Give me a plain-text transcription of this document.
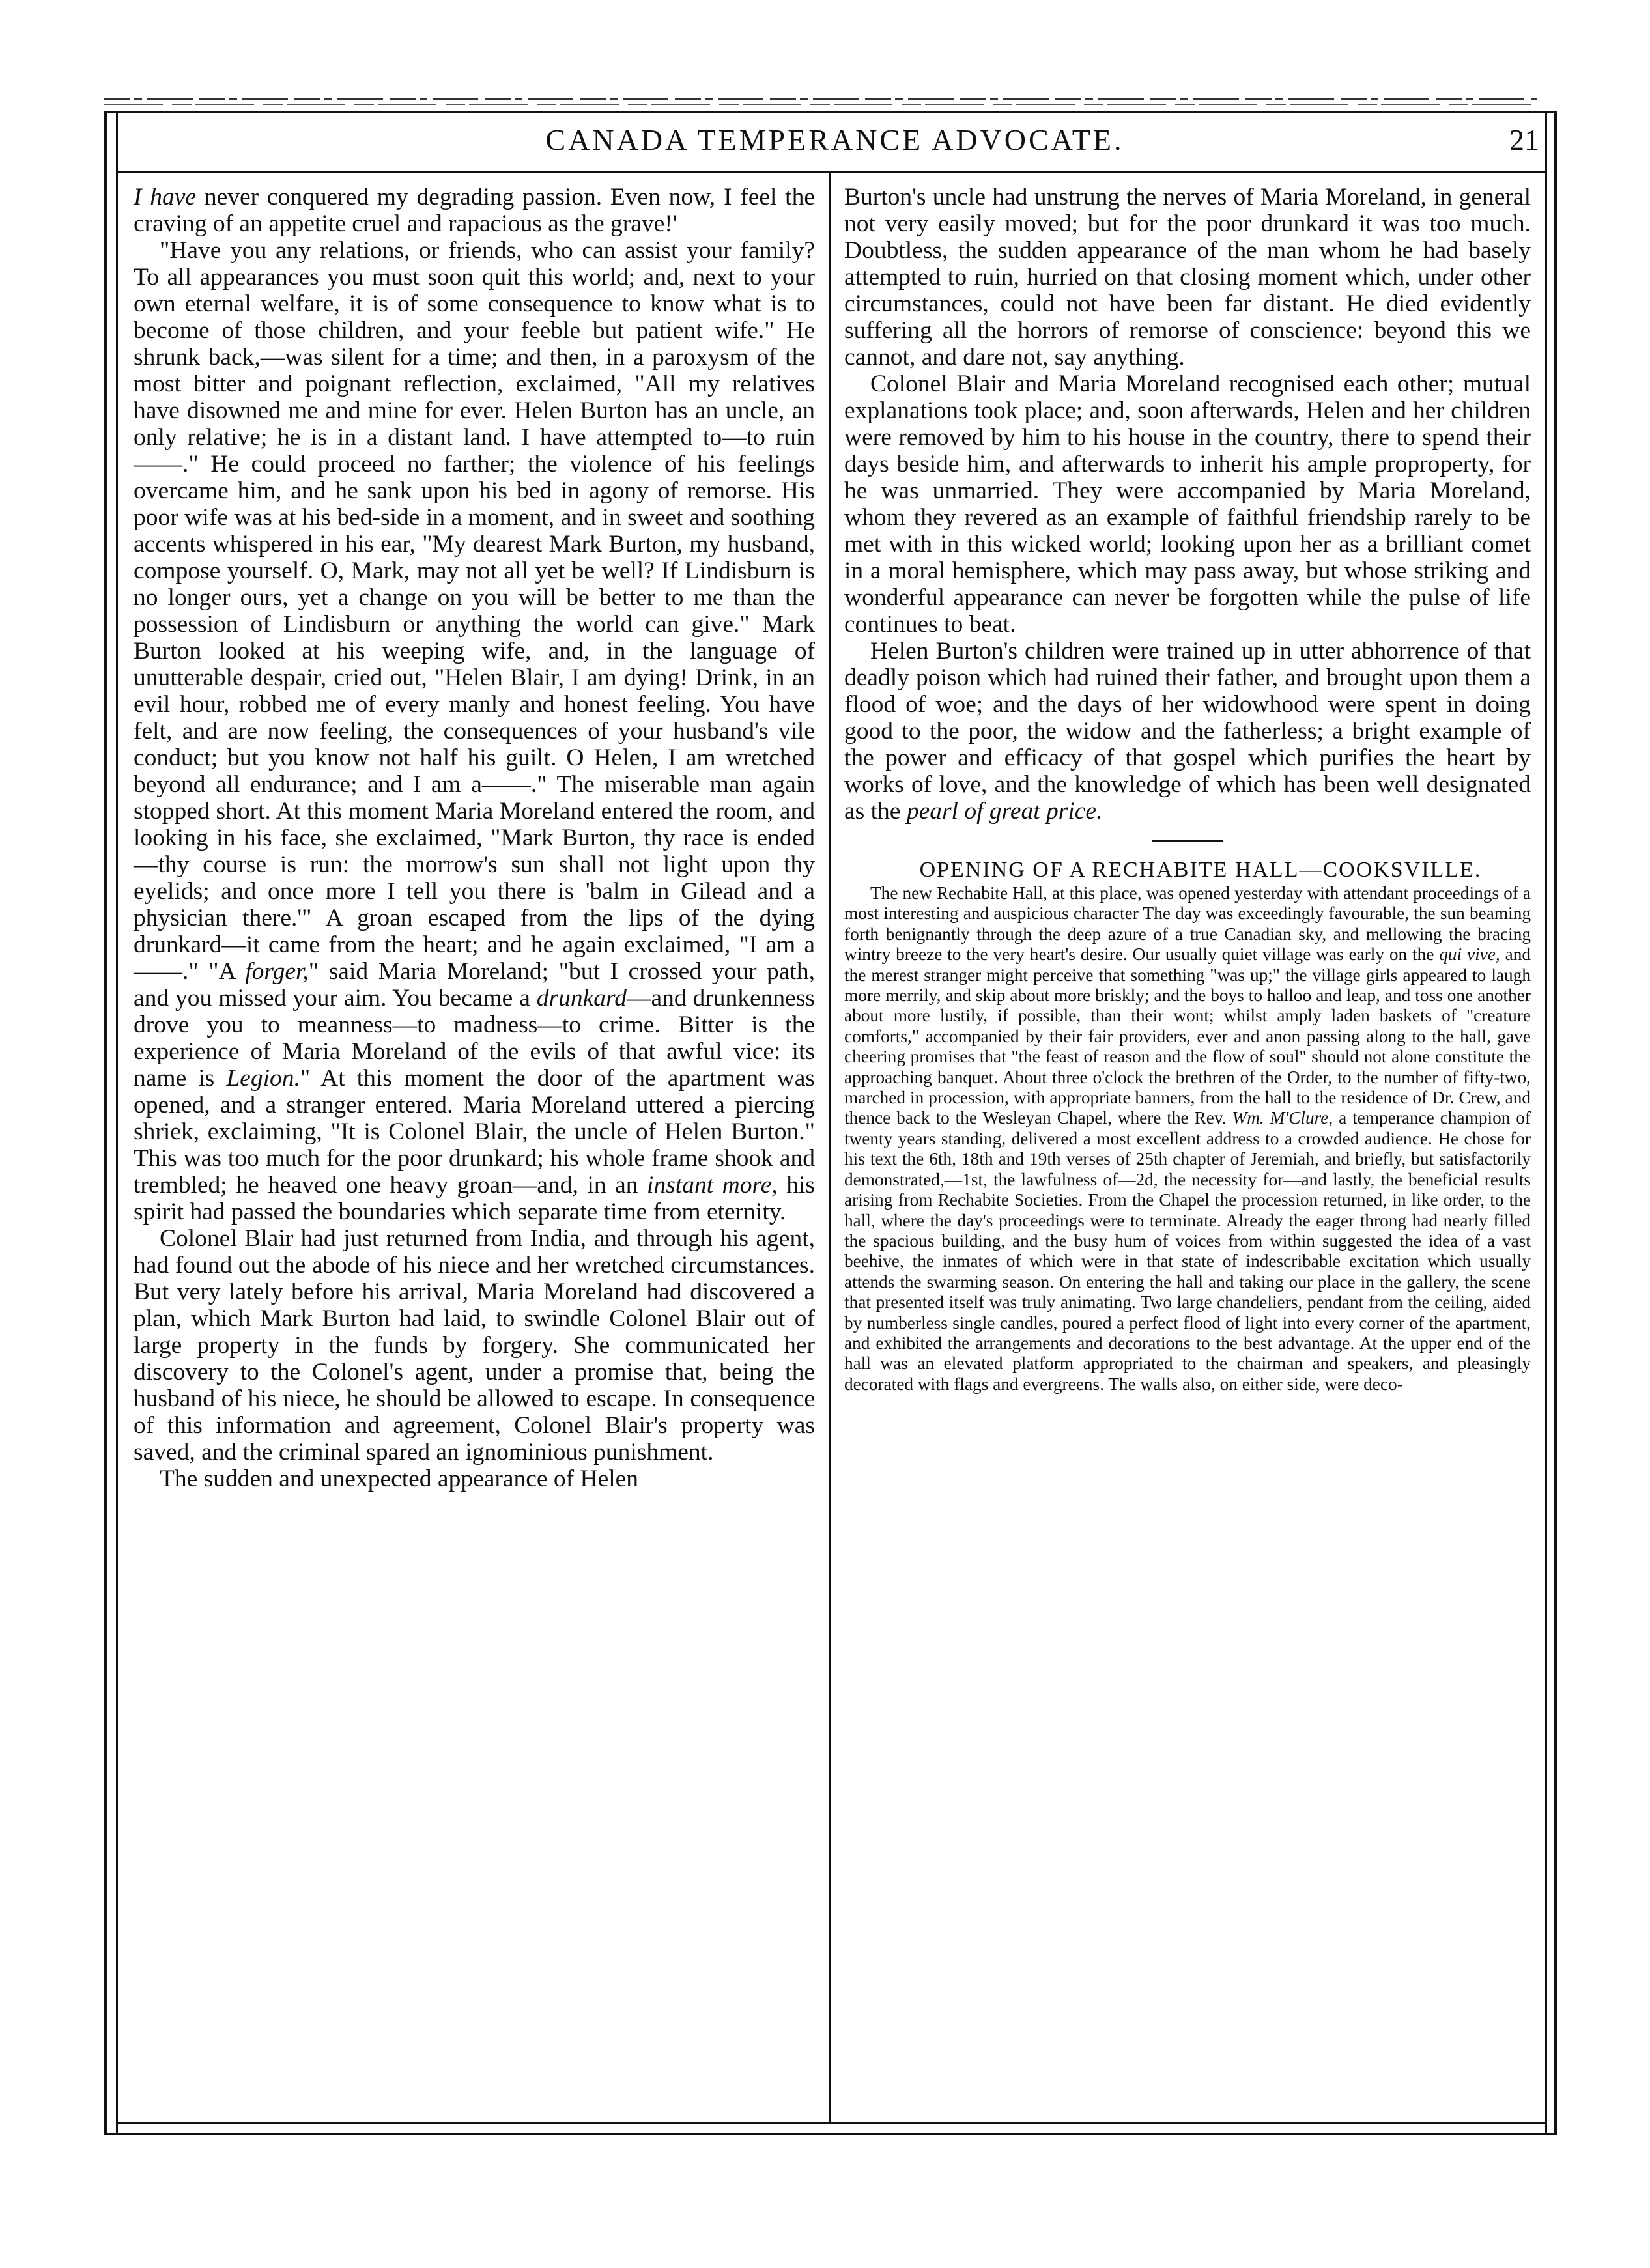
CANADA TEMPERANCE ADVOCATE.	21

I have never conquered my degrading passion. Even now, I feel the craving of an appetite cruel and rapacious as the grave!'

"Have you any relations, or friends, who can assist your family? To all appearances you must soon quit this world; and, next to your own eternal welfare, it is of some consequence to know what is to become of those children, and your feeble but patient wife." He shrunk back,—was silent for a time; and then, in a paroxysm of the most bitter and poignant reflection, exclaimed, "All my relatives have disowned me and mine for ever. Helen Burton has an uncle, an only relative; he is in a distant land. I have attempted to—to ruin ——." He could proceed no farther; the violence of his feelings overcame him, and he sank upon his bed in agony of remorse. His poor wife was at his bed-side in a moment, and in sweet and soothing accents whispered in his ear, "My dearest Mark Burton, my husband, compose yourself. O, Mark, may not all yet be well? If Lindisburn is no longer ours, yet a change on you will be better to me than the possession of Lindisburn or anything the world can give." Mark Burton looked at his weeping wife, and, in the language of unutterable despair, cried out, "Helen Blair, I am dying! Drink, in an evil hour, robbed me of every manly and honest feeling. You have felt, and are now feeling, the consequences of your husband's vile conduct; but you know not half his guilt. O Helen, I am wretched beyond all endurance; and I am a——." The miserable man again stopped short. At this moment Maria Moreland entered the room, and looking in his face, she exclaimed, "Mark Burton, thy race is ended—thy course is run: the morrow's sun shall not light upon thy eyelids; and once more I tell you there is 'balm in Gilead and a physician there.'" A groan escaped from the lips of the dying drunkard—it came from the heart; and he again exclaimed, "I am a ——." "A forger," said Maria Moreland; "but I crossed your path, and you missed your aim. You became a drunkard—and drunkenness drove you to meanness—to madness—to crime. Bitter is the experience of Maria Moreland of the evils of that awful vice: its name is Legion." At this moment the door of the apartment was opened, and a stranger entered. Maria Moreland uttered a piercing shriek, exclaiming, "It is Colonel Blair, the uncle of Helen Burton." This was too much for the poor drunkard; his whole frame shook and trembled; he heaved one heavy groan—and, in an instant more, his spirit had passed the boundaries which separate time from eternity.

Colonel Blair had just returned from India, and through his agent, had found out the abode of his niece and her wretched circumstances. But very lately before his arrival, Maria Moreland had discovered a plan, which Mark Burton had laid, to swindle Colonel Blair out of large property in the funds by forgery. She communicated her discovery to the Colonel's agent, under a promise that, being the husband of his niece, he should be allowed to escape. In consequence of this information and agreement, Colonel Blair's property was saved, and the criminal spared an ignominious punishment.

The sudden and unexpected appearance of Helen

Burton's uncle had unstrung the nerves of Maria Moreland, in general not very easily moved; but for the poor drunkard it was too much. Doubtless, the sudden appearance of the man whom he had basely attempted to ruin, hurried on that closing moment which, under other circumstances, could not have been far distant. He died evidently suffering all the horrors of remorse of conscience: beyond this we cannot, and dare not, say anything.

Colonel Blair and Maria Moreland recognised each other; mutual explanations took place; and, soon afterwards, Helen and her children were removed by him to his house in the country, there to spend their days beside him, and afterwards to inherit his ample proproperty, for he was unmarried. They were accompanied by Maria Moreland, whom they revered as an example of faithful friendship rarely to be met with in this wicked world; looking upon her as a brilliant comet in a moral hemisphere, which may pass away, but whose striking and wonderful appearance can never be forgotten while the pulse of life continues to beat.

Helen Burton's children were trained up in utter abhorrence of that deadly poison which had ruined their father, and brought upon them a flood of woe; and the days of her widowhood were spent in doing good to the poor, the widow and the fatherless; a bright example of the power and efficacy of that gospel which purifies the heart by works of love, and the knowledge of which has been well designated as the pearl of great price.

OPENING OF A RECHABITE HALL—COOKSVILLE.

The new Rechabite Hall, at this place, was opened yesterday with attendant proceedings of a most interesting and auspicious character The day was exceedingly favourable, the sun beaming forth benignantly through the deep azure of a true Canadian sky, and mellowing the bracing wintry breeze to the very heart's desire. Our usually quiet village was early on the qui vive, and the merest stranger might perceive that something "was up;" the village girls appeared to laugh more merrily, and skip about more briskly; and the boys to halloo and leap, and toss one another about more lustily, if possible, than their wont; whilst amply laden baskets of "creature comforts," accompanied by their fair providers, ever and anon passing along to the hall, gave cheering promises that "the feast of reason and the flow of soul" should not alone constitute the approaching banquet. About three o'clock the brethren of the Order, to the number of fifty-two, marched in procession, with appropriate banners, from the hall to the residence of Dr. Crew, and thence back to the Wesleyan Chapel, where the Rev. Wm. M'Clure, a temperance champion of twenty years standing, delivered a most excellent address to a crowded audience. He chose for his text the 6th, 18th and 19th verses of 25th chapter of Jeremiah, and briefly, but satisfactorily demonstrated,—1st, the lawfulness of—2d, the necessity for—and lastly, the beneficial results arising from Rechabite Societies. From the Chapel the procession returned, in like order, to the hall, where the day's proceedings were to terminate. Already the eager throng had nearly filled the spacious building, and the busy hum of voices from within suggested the idea of a vast beehive, the inmates of which were in that state of indescribable excitation which usually attends the swarming season. On entering the hall and taking our place in the gallery, the scene that presented itself was truly animating. Two large chandeliers, pendant from the ceiling, aided by numberless single candles, poured a perfect flood of light into every corner of the apartment, and exhibited the arrangements and decorations to the best advantage. At the upper end of the hall was an elevated platform appropriated to the chairman and speakers, and pleasingly decorated with flags and evergreens. The walls also, on either side, were deco-
